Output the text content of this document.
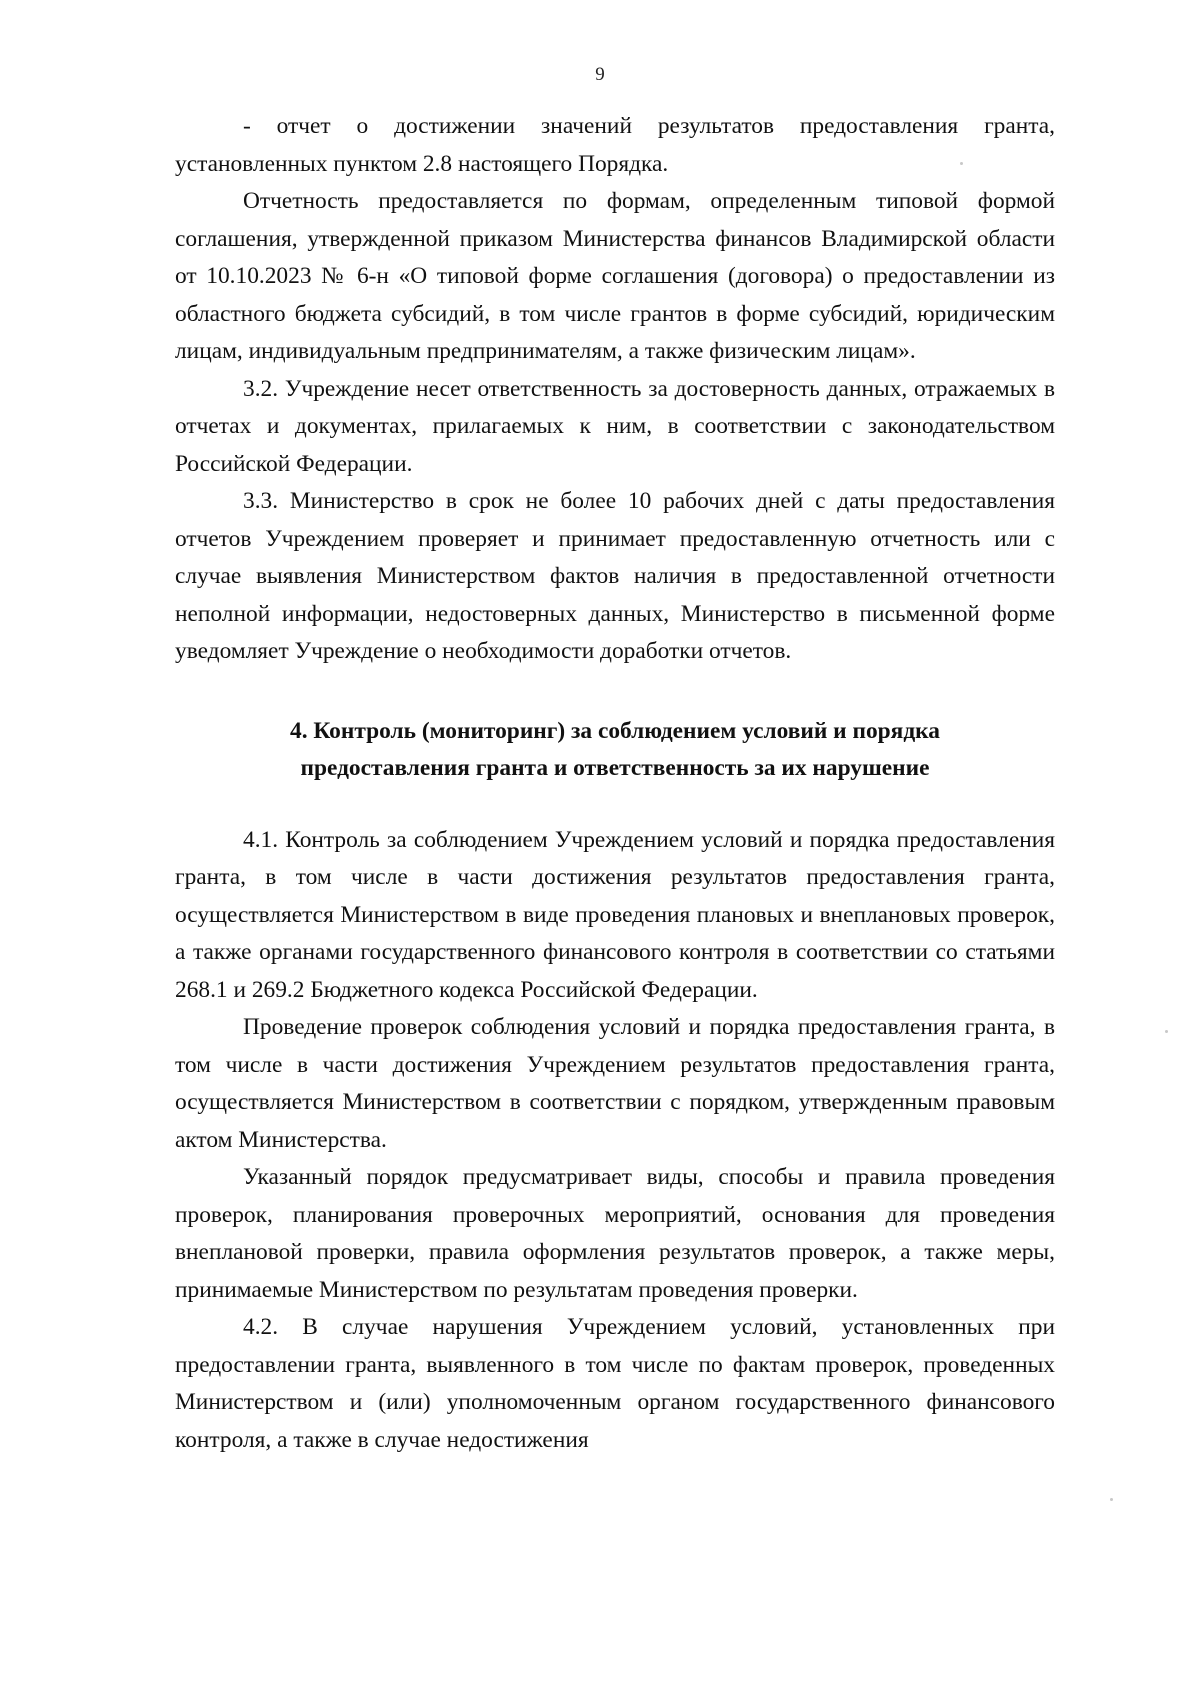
9

- отчет о достижении значений результатов предоставления гранта, установленных пунктом 2.8 настоящего Порядка.

Отчетность предоставляется по формам, определенным типовой формой соглашения, утвержденной приказом Министерства финансов Владимирской области от 10.10.2023 № 6-н «О типовой форме соглашения (договора) о предоставлении из областного бюджета субсидий, в том числе грантов в форме субсидий, юридическим лицам, индивидуальным предпринимателям, а также физическим лицам».

3.2. Учреждение несет ответственность за достоверность данных, отражаемых в отчетах и документах, прилагаемых к ним, в соответствии с законодательством Российской Федерации.

3.3. Министерство в срок не более 10 рабочих дней с даты предоставления отчетов Учреждением проверяет и принимает предоставленную отчетность или с случае выявления Министерством фактов наличия в предоставленной отчетности неполной информации, недостоверных данных, Министерство в письменной форме уведомляет Учреждение о необходимости доработки отчетов.

4. Контроль (мониторинг) за соблюдением условий и порядка предоставления гранта и ответственность за их нарушение

4.1. Контроль за соблюдением Учреждением условий и порядка предоставления гранта, в том числе в части достижения результатов предоставления гранта, осуществляется Министерством в виде проведения плановых и внеплановых проверок, а также органами государственного финансового контроля в соответствии со статьями 268.1 и 269.2 Бюджетного кодекса Российской Федерации.

Проведение проверок соблюдения условий и порядка предоставления гранта, в том числе в части достижения Учреждением результатов предоставления гранта, осуществляется Министерством в соответствии с порядком, утвержденным правовым актом Министерства.

Указанный порядок предусматривает виды, способы и правила проведения проверок, планирования проверочных мероприятий, основания для проведения внеплановой проверки, правила оформления результатов проверок, а также меры, принимаемые Министерством по результатам проведения проверки.

4.2. В случае нарушения Учреждением условий, установленных при предоставлении гранта, выявленного в том числе по фактам проверок, проведенных Министерством и (или) уполномоченным органом государственного финансового контроля, а также в случае недостижения
